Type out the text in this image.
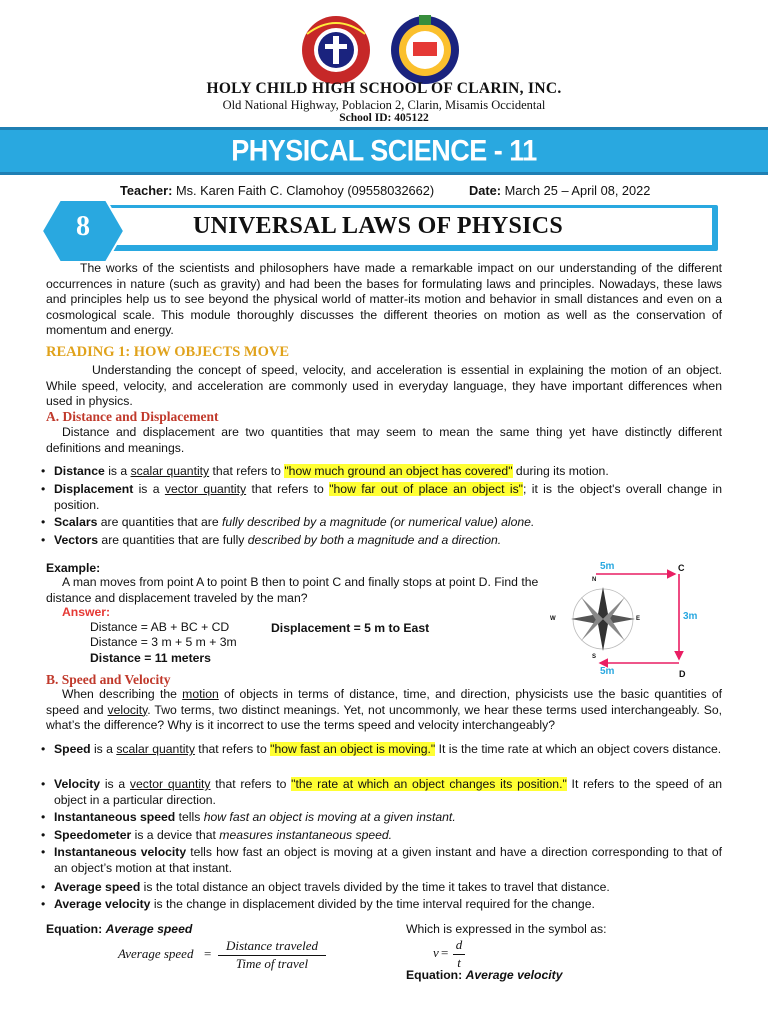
HOLY CHILD HIGH SCHOOL OF CLARIN, INC.
Old National Highway, Poblacion 2, Clarin, Misamis Occidental
School ID: 405122
PHYSICAL SCIENCE - 11
Teacher: Ms. Karen Faith C. Clamohoy (09558032662)	Date: March 25 – April 08, 2022
UNIVERSAL LAWS OF PHYSICS
8
The works of the scientists and philosophers have made a remarkable impact on our understanding of the different occurrences in nature (such as gravity) and had been the bases for formulating laws and principles. Nowadays, these laws and principles help us to see beyond the physical world of matter-its motion and behavior in small distances and even on a cosmological scale. This module thoroughly discusses the different theories on motion as well as the conservation of momentum and energy.
READING 1: HOW OBJECTS MOVE
Understanding the concept of speed, velocity, and acceleration is essential in explaining the motion of an object. While speed, velocity, and acceleration are commonly used in everyday language, they have important differences when used in physics.
A. Distance and Displacement
Distance and displacement are two quantities that may seem to mean the same thing yet have distinctly different definitions and meanings.
• Distance is a scalar quantity that refers to "how much ground an object has covered" during its motion.
• Displacement is a vector quantity that refers to "how far out of place an object is"; it is the object's overall change in position.
• Scalars are quantities that are fully described by a magnitude (or numerical value) alone.
• Vectors are quantities that are fully described by both a magnitude and a direction.
Example:
A man moves from point A to point B then to point C and finally stops at point D. Find the distance and displacement traveled by the man?
Answer:
Distance = AB + BC + CD
Distance = 3 m + 5 m + 3m
Distance = 11 meters
Displacement = 5 m to East
5m	C
3m
5m	D
N
S
E
W
B. Speed and Velocity
When describing the motion of objects in terms of distance, time, and direction, physicists use the basic quantities of speed and velocity. Two terms, two distinct meanings. Yet, not uncommonly, we hear these terms used interchangeably. So, what’s the difference? Why is it incorrect to use the terms speed and velocity interchangeably?
• Speed is a scalar quantity that refers to "how fast an object is moving." It is the time rate at which an object covers distance.
• Velocity is a vector quantity that refers to "the rate at which an object changes its position." It refers to the speed of an object in a particular direction.
• Instantaneous speed tells how fast an object is moving at a given instant.
• Speedometer is a device that measures instantaneous speed.
• Instantaneous velocity tells how fast an object is moving at a given instant and have a direction corresponding to that of an object’s motion at that instant.
• Average speed is the total distance an object travels divided by the time it takes to travel that distance.
• Average velocity is the change in displacement divided by the time interval required for the change.
Equation: Average speed
Average speed =
Distance traveled
Time of travel
Which is expressed in the symbol as:
v =
d
t
Equation: Average velocity
